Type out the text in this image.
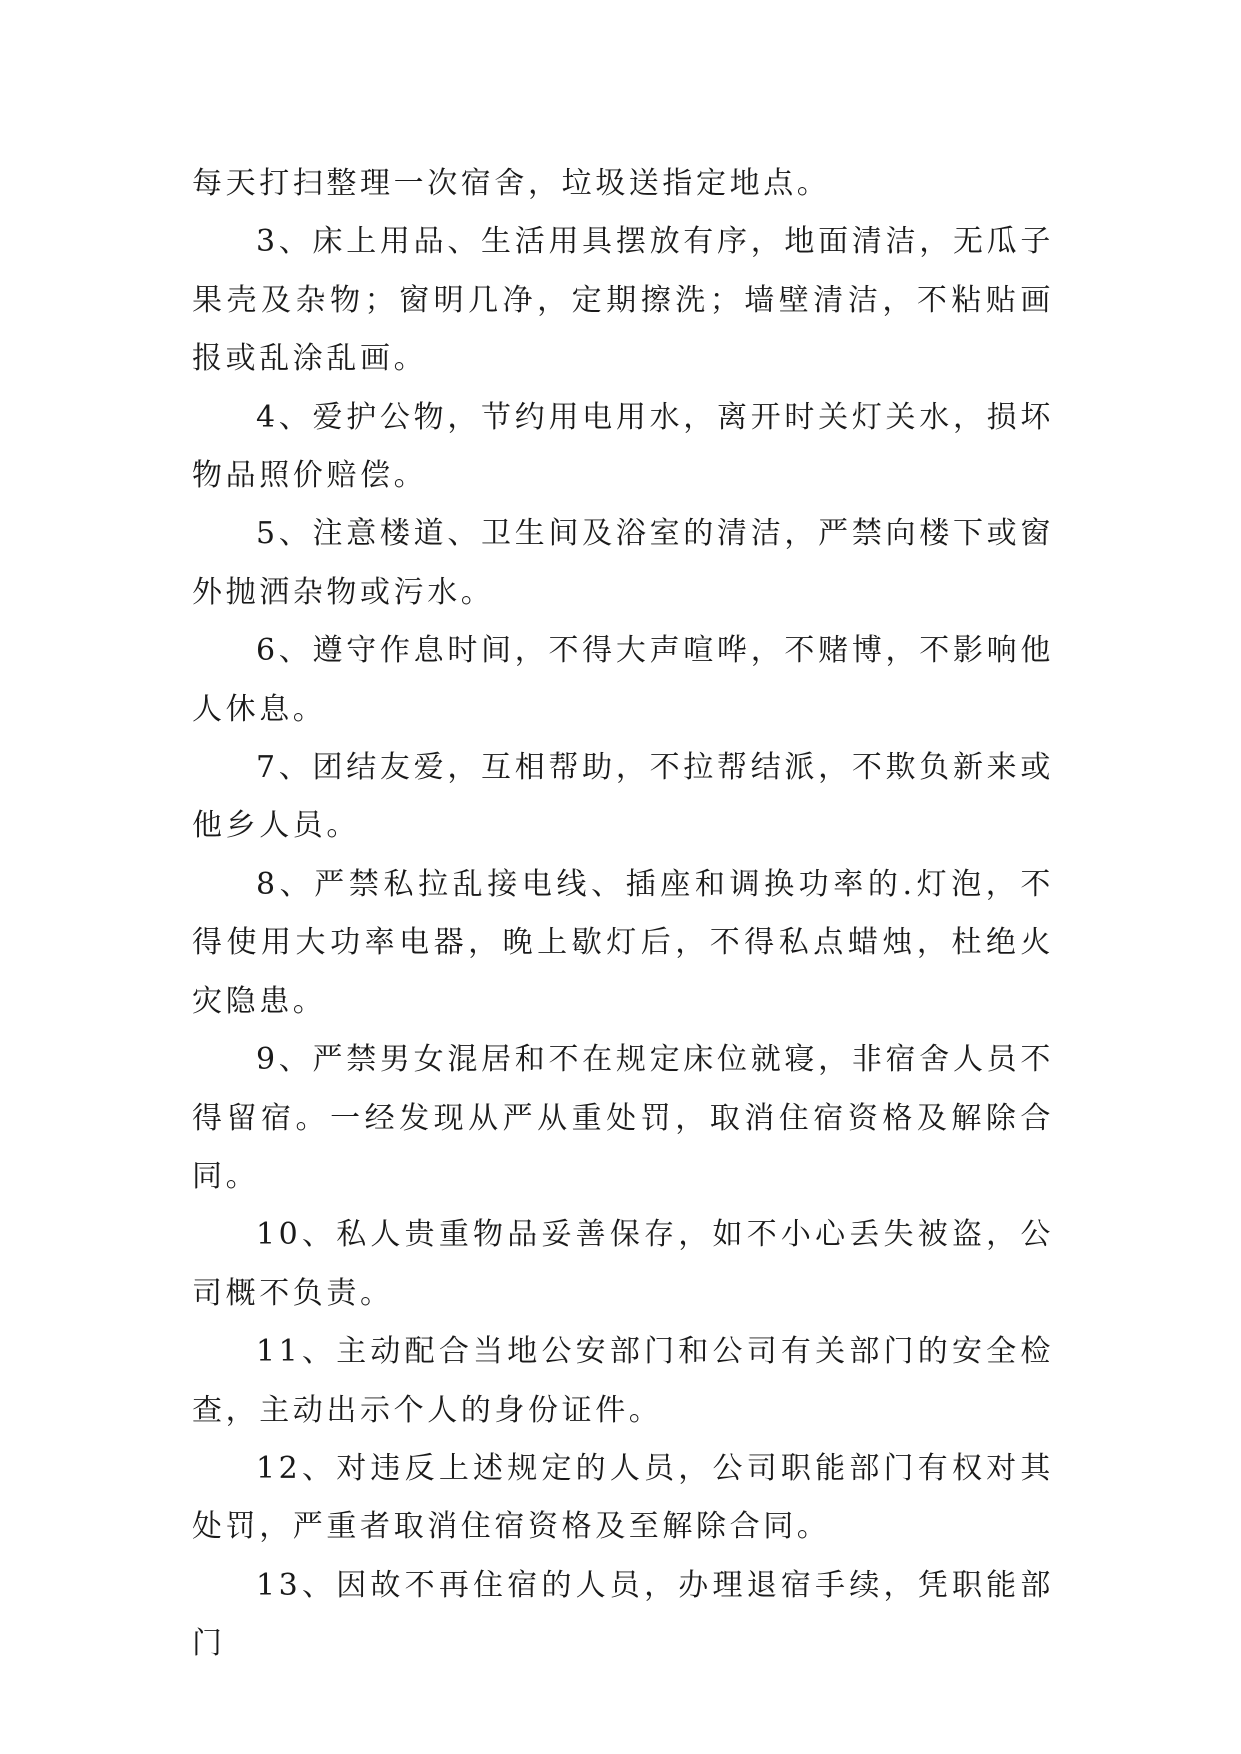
每天打扫整理一次宿舍，垃圾送指定地点。

3、床上用品、生活用具摆放有序，地面清洁，无瓜子果壳及杂物；窗明几净，定期擦洗；墙壁清洁，不粘贴画报或乱涂乱画。

4、爱护公物，节约用电用水，离开时关灯关水，损坏物品照价赔偿。

5、注意楼道、卫生间及浴室的清洁，严禁向楼下或窗外抛洒杂物或污水。

6、遵守作息时间，不得大声喧哗，不赌博，不影响他人休息。

7、团结友爱，互相帮助，不拉帮结派，不欺负新来或他乡人员。

8、严禁私拉乱接电线、插座和调换功率的.灯泡，不得使用大功率电器，晚上歇灯后，不得私点蜡烛，杜绝火灾隐患。

9、严禁男女混居和不在规定床位就寝，非宿舍人员不得留宿。一经发现从严从重处罚，取消住宿资格及解除合同。

10、私人贵重物品妥善保存，如不小心丢失被盗，公司概不负责。

11、主动配合当地公安部门和公司有关部门的安全检查，主动出示个人的身份证件。

12、对违反上述规定的人员，公司职能部门有权对其处罚，严重者取消住宿资格及至解除合同。

13、因故不再住宿的人员，办理退宿手续，凭职能部门
